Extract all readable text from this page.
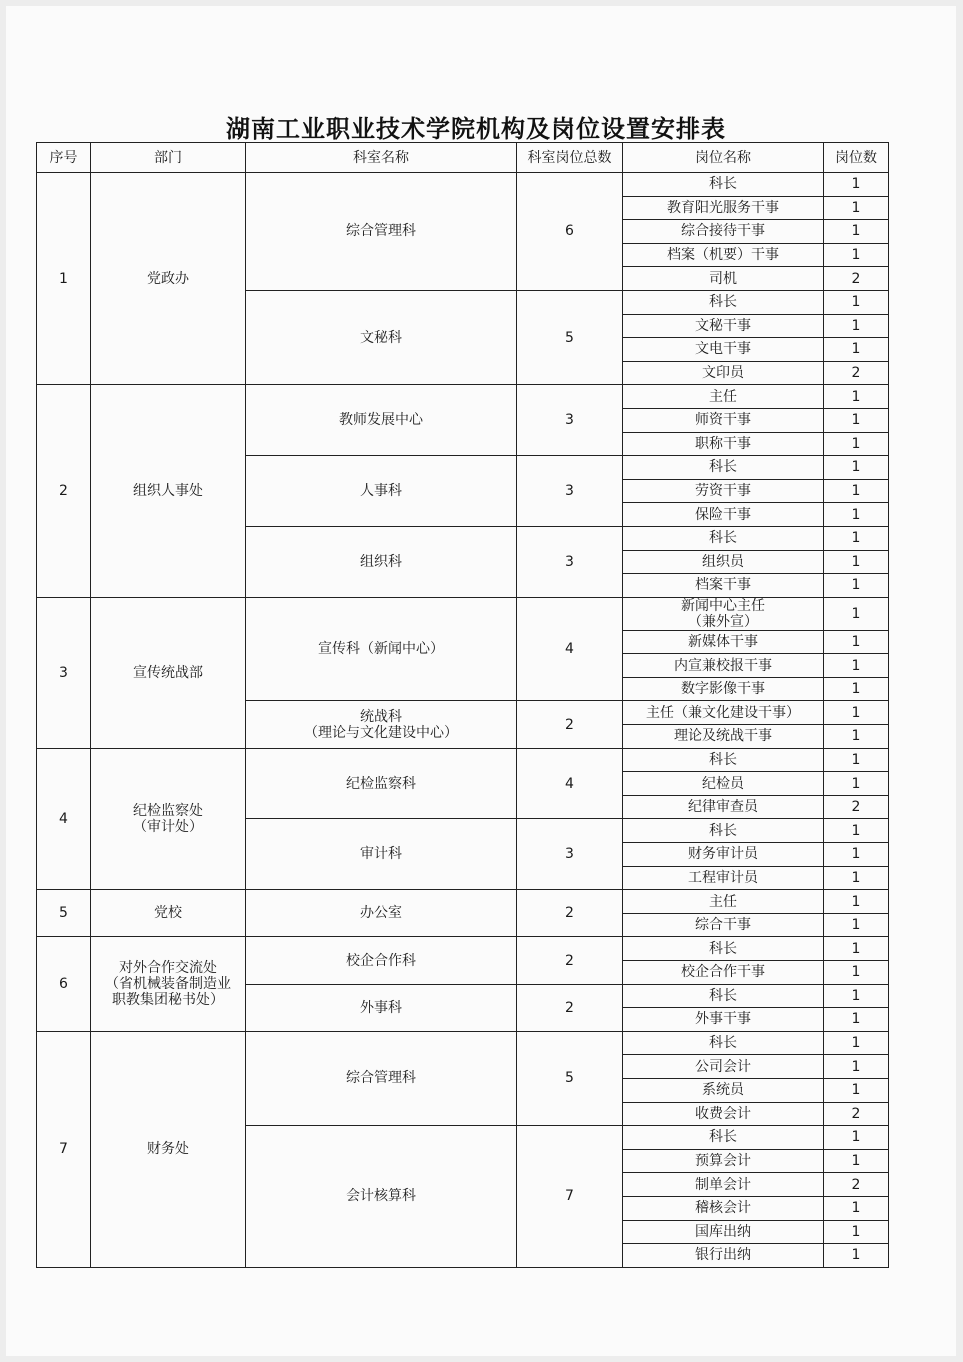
湖南工业职业技术学院机构及岗位设置安排表
序号	部门	科室名称	科室岗位总数	岗位名称	岗位数
1	党政办	综合管理科	6	科长	1

				教育阳光服务干事	1

				综合接待干事	1

				档案（机要）干事	1

				司机	2

		文秘科	5	科长	1

				文秘干事	1

				文电干事	1

				文印员	2
2	组织人事处	教师发展中心	3	主任	1

				师资干事	1

				职称干事	1

		人事科	3	科长	1

				劳资干事	1

				保险干事	1

		组织科	3	科长	1

				组织员	1

				档案干事	1
3	宣传统战部	宣传科（新闻中心）	4	新闻中心主任
（兼外宣）	1

				新媒体干事	1

				内宣兼校报干事	1

				数字影像干事	1

		统战科
（理论与文化建设中心）	2	主任（兼文化建设干事）	1

				理论及统战干事	1
4	纪检监察处
（审计处）	纪检监察科	4	科长	1

				纪检员	1

				纪律审查员	2

		审计科	3	科长	1

				财务审计员	1

				工程审计员	1
5	党校	办公室	2	主任	1

				综合干事	1
6	对外合作交流处
（省机械装备制造业
职教集团秘书处）	校企合作科	2	科长	1

				校企合作干事	1

		外事科	2	科长	1

				外事干事	1
7	财务处	综合管理科	5	科长	1

				公司会计	1

				系统员	1

				收费会计	2

		会计核算科	7	科长	1

				预算会计	1

				制单会计	2

				稽核会计	1

				国库出纳	1

				银行出纳	1
